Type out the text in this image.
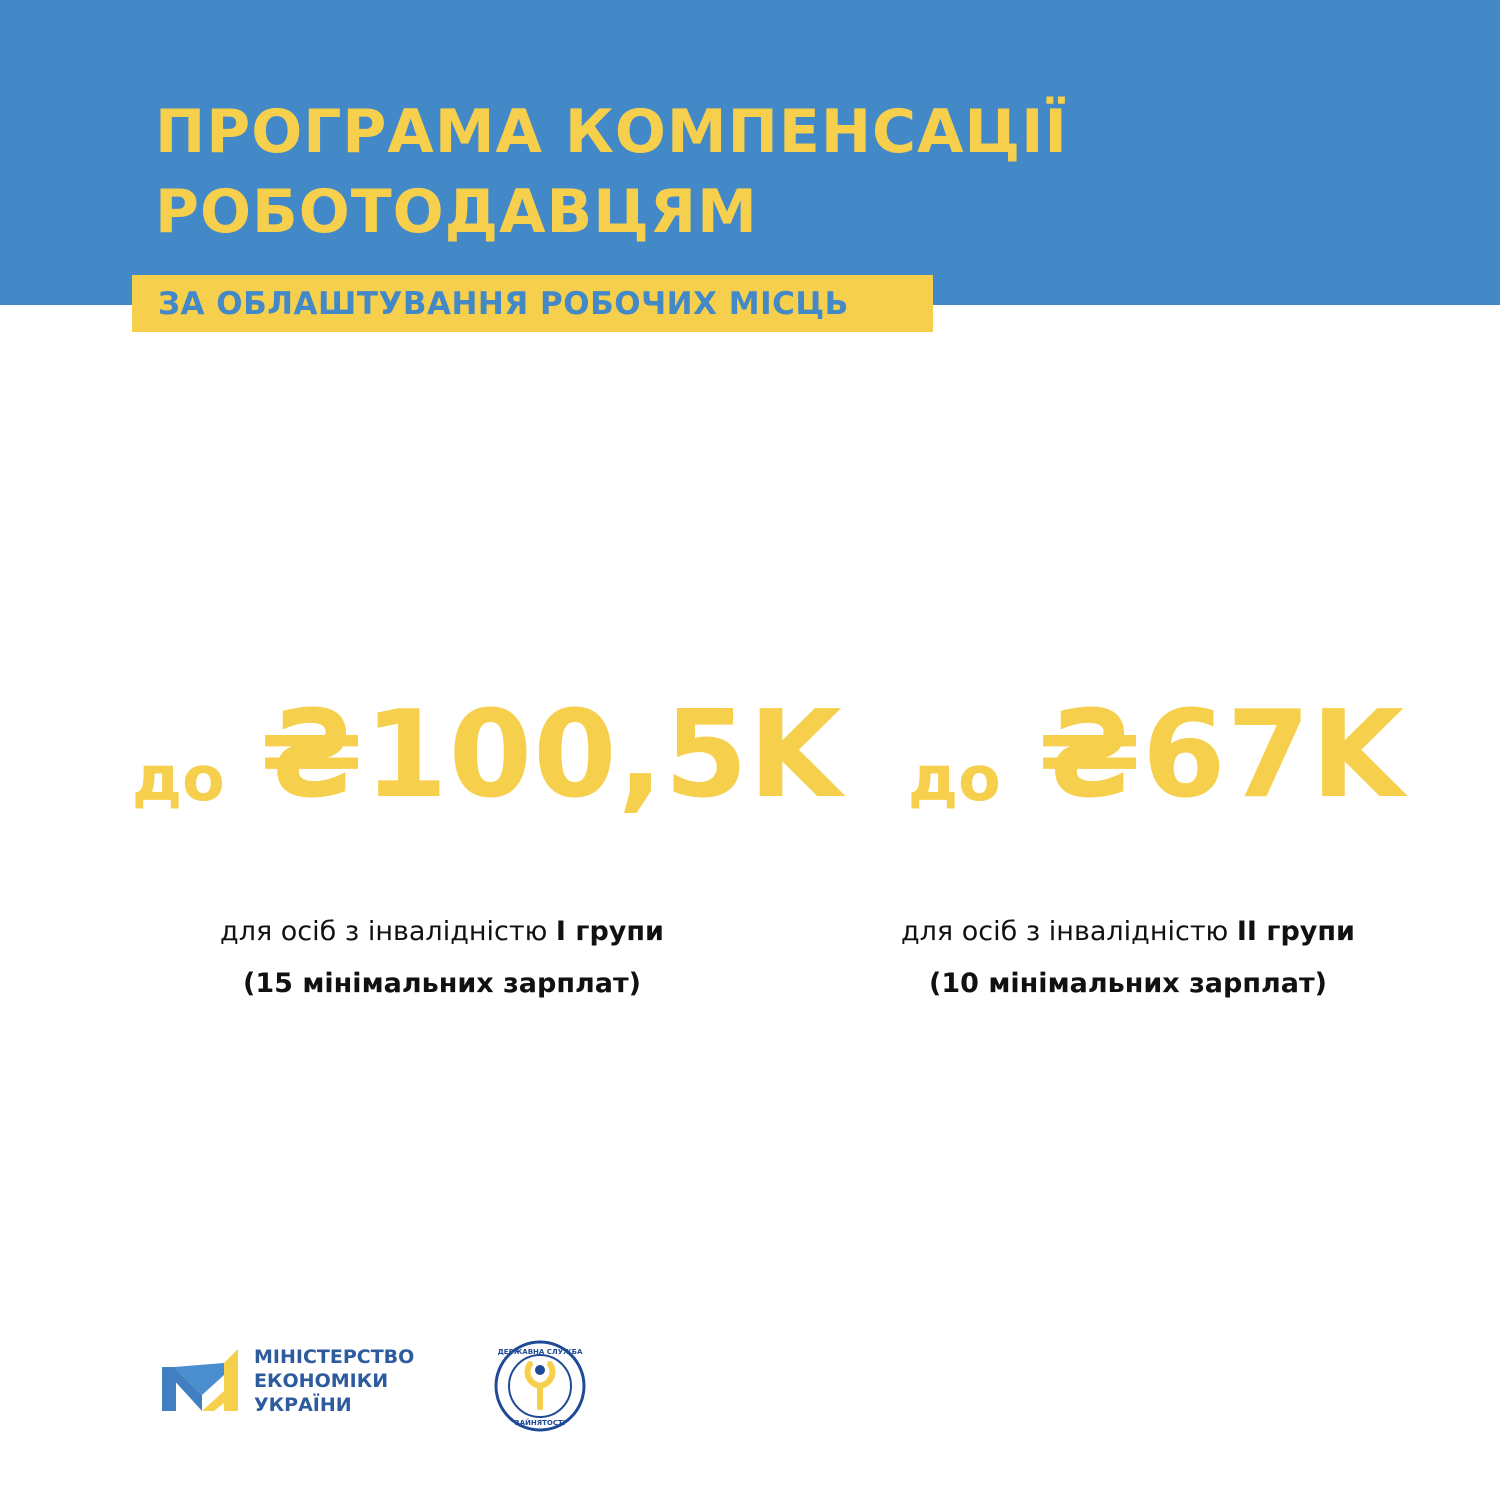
ПРОГРАМА КОМПЕНСАЦІЇ
РОБОТОДАВЦЯМ
ЗА ОБЛАШТУВАННЯ РОБОЧИХ МІСЦЬ
до ₴100,5K до ₴67K
для осіб з інвалідністю I групи
(15 мінімальних зарплат)
для осіб з інвалідністю II групи
(10 мінімальних зарплат)
МІНІСТЕРСТВО
ЕКОНОМІКИ
УКРАЇНИ
ДЕРЖАВНА СЛУЖБА
ЗАЙНЯТОСТІ
